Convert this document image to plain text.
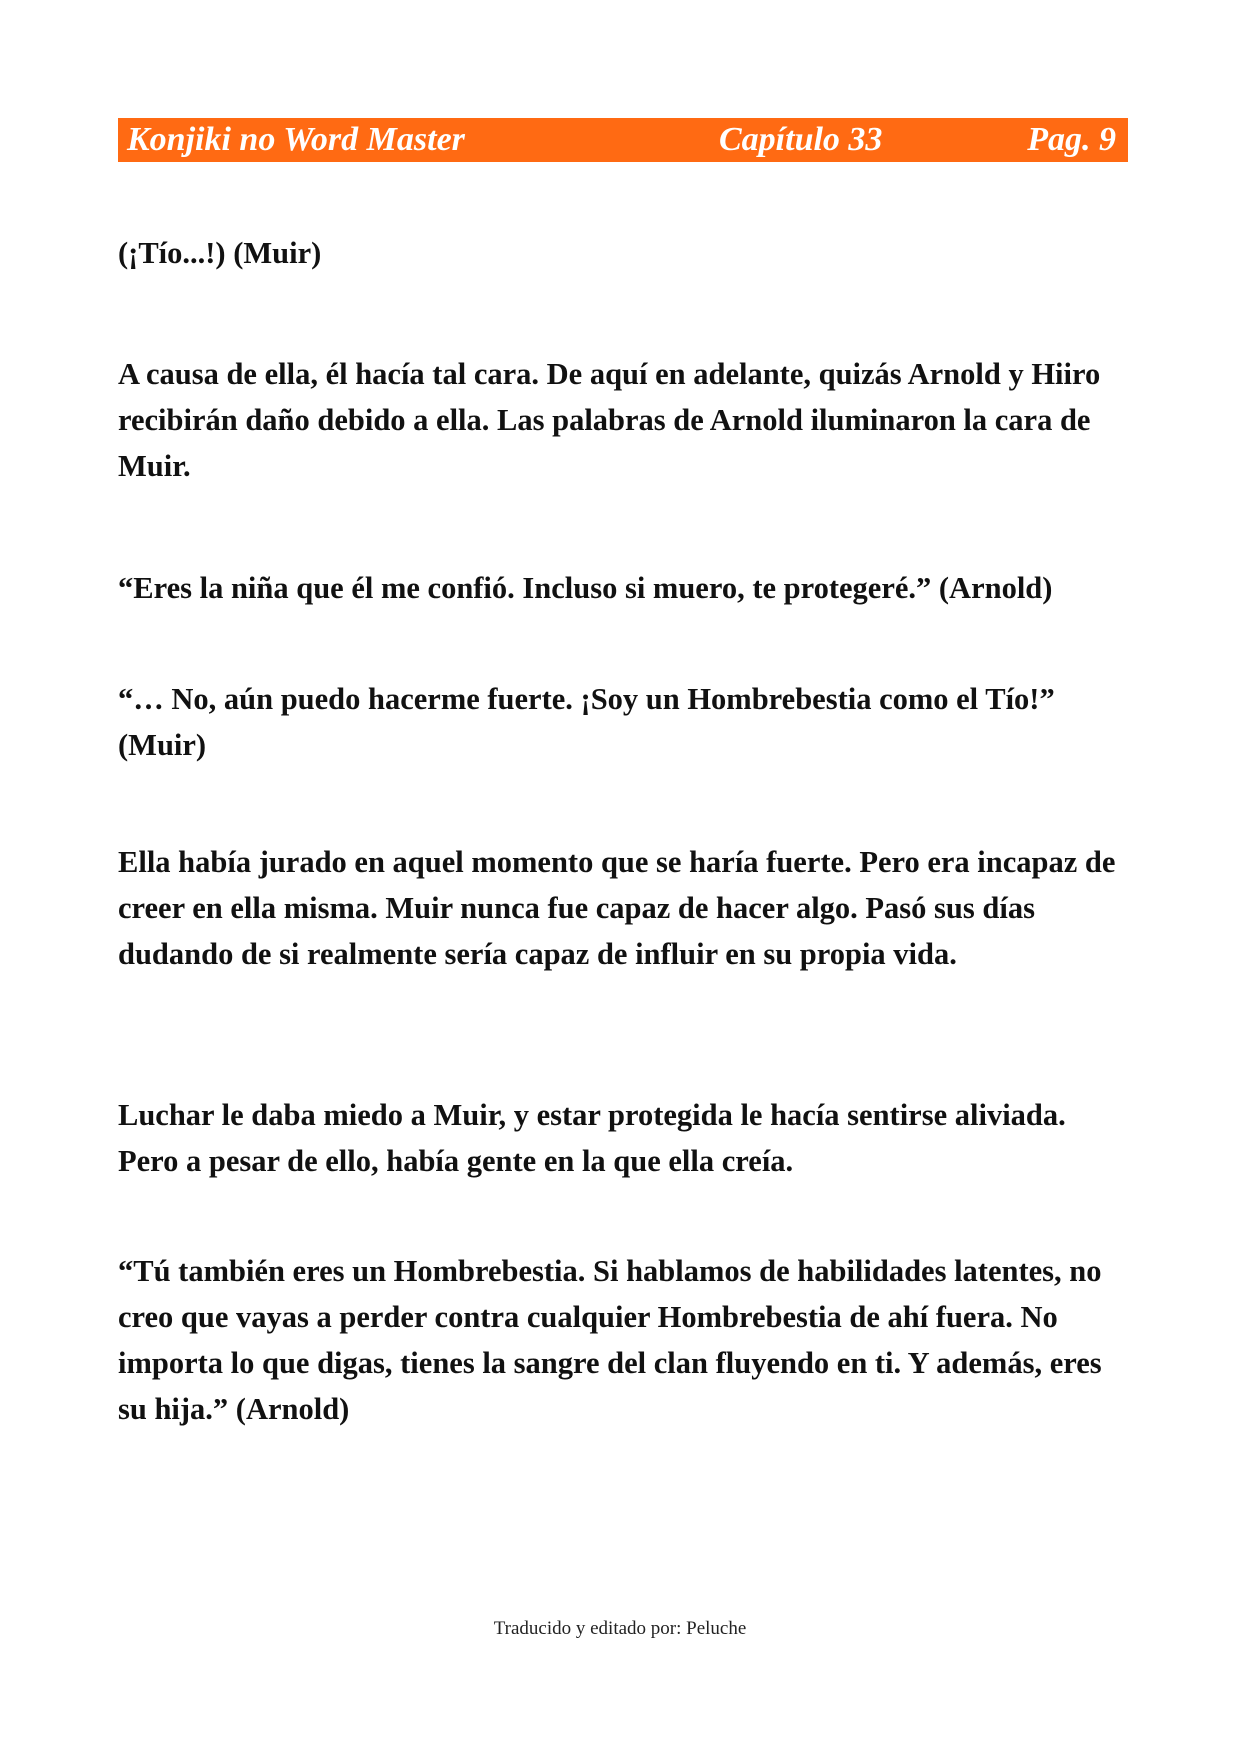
Konjiki no Word Master	Capítulo 33	Pag. 9

(¡Tío...!) (Muir)

A causa de ella, él hacía tal cara. De aquí en adelante, quizás Arnold y Hiiro recibirán daño debido a ella. Las palabras de Arnold iluminaron la cara de Muir.

“Eres la niña que él me confió. Incluso si muero, te protegeré.” (Arnold)

“… No, aún puedo hacerme fuerte. ¡Soy un Hombrebestia como el Tío!” (Muir)

Ella había jurado en aquel momento que se haría fuerte. Pero era incapaz de creer en ella misma. Muir nunca fue capaz de hacer algo. Pasó sus días dudando de si realmente sería capaz de influir en su propia vida.

Luchar le daba miedo a Muir, y estar protegida le hacía sentirse aliviada. Pero a pesar de ello, había gente en la que ella creía.

“Tú también eres un Hombrebestia. Si hablamos de habilidades latentes, no creo que vayas a perder contra cualquier Hombrebestia de ahí fuera. No importa lo que digas, tienes la sangre del clan fluyendo en ti. Y además, eres su hija.” (Arnold)

Traducido y editado por: Peluche
